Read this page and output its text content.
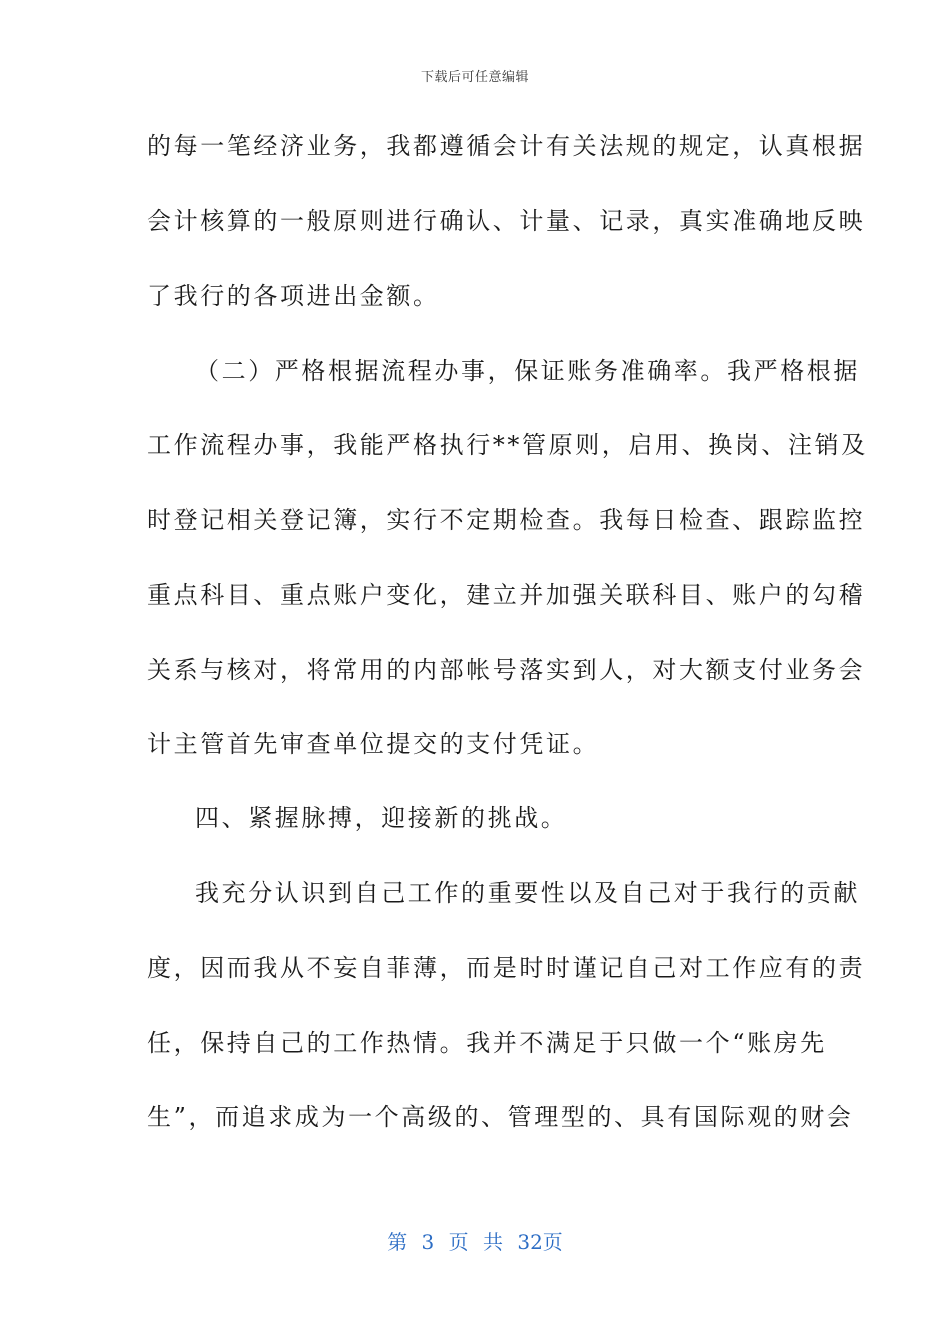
下载后可任意编辑
的每一笔经济业务，我都遵循会计有关法规的规定，认真根据
会计核算的一般原则进行确认、计量、记录，真实准确地反映
了我行的各项进出金额。
（二）严格根据流程办事，保证账务准确率。我严格根据
工作流程办事，我能严格执行**管原则，启用、换岗、注销及
时登记相关登记簿，实行不定期检查。我每日检查、跟踪监控
重点科目、重点账户变化，建立并加强关联科目、账户的勾稽
关系与核对，将常用的内部帐号落实到人，对大额支付业务会
计主管首先审查单位提交的支付凭证。
四、紧握脉搏，迎接新的挑战。
我充分认识到自己工作的重要性以及自己对于我行的贡献
度，因而我从不妄自菲薄，而是时时谨记自己对工作应有的责
任，保持自己的工作热情。我并不满足于只做一个“账房先
生”，而追求成为一个高级的、管理型的、具有国际观的财会
第 3 页 共 32页
